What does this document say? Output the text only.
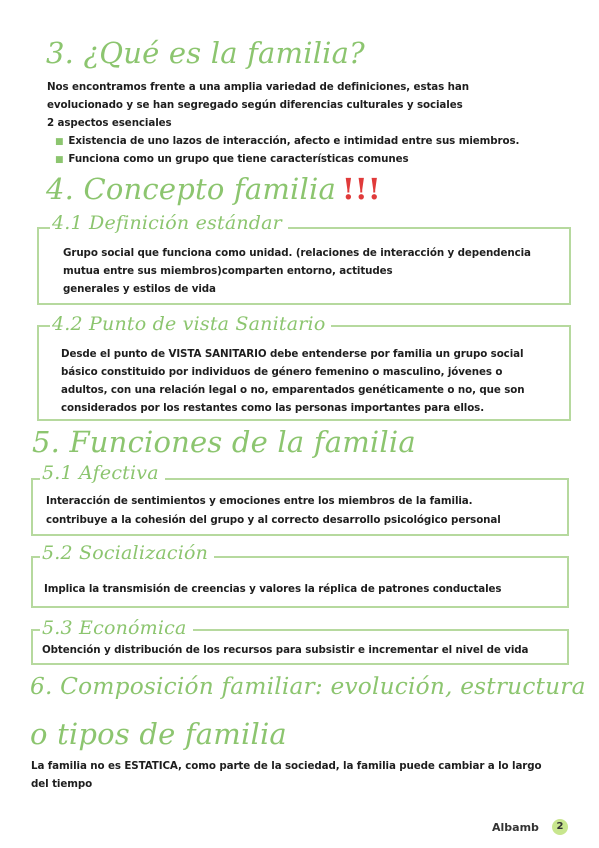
3. ¿Qué es la familia?
Nos encontramos frente a una amplia variedad de definiciones, estas han
evolucionado y se han segregado según diferencias culturales y sociales
2 aspectos esenciales
■ Existencia de uno lazos de interacción, afecto e intimidad entre sus miembros.
■ Funciona como un grupo que tiene características comunes
4. Concepto familia !!!
4.1 Definición estándar
Grupo social que funciona como unidad. (relaciones de interacción y dependencia
mutua entre sus miembros)comparten entorno, actitudes
generales y estilos de vida
4.2 Punto de vista Sanitario
Desde el punto de VISTA SANITARIO debe entenderse por familia un grupo social
básico constituido por individuos de género femenino o masculino, jóvenes o
adultos, con una relación legal o no, emparentados genéticamente o no, que son
considerados por los restantes como las personas importantes para ellos.
5. Funciones de la familia
5.1 Afectiva
Interacción de sentimientos y emociones entre los miembros de la familia.
contribuye a la cohesión del grupo y al correcto desarrollo psicológico personal
5.2 Socialización
Implica la transmisión de creencias y valores la réplica de patrones conductales
5.3 Económica
Obtención y distribución de los recursos para subsistir e incrementar el nivel de vida
6. Composición familiar: evolución, estructura
o tipos de familia
La familia no es ESTATICA, como parte de la sociedad, la familia puede cambiar a lo largo
del tiempo
Albamb	2
